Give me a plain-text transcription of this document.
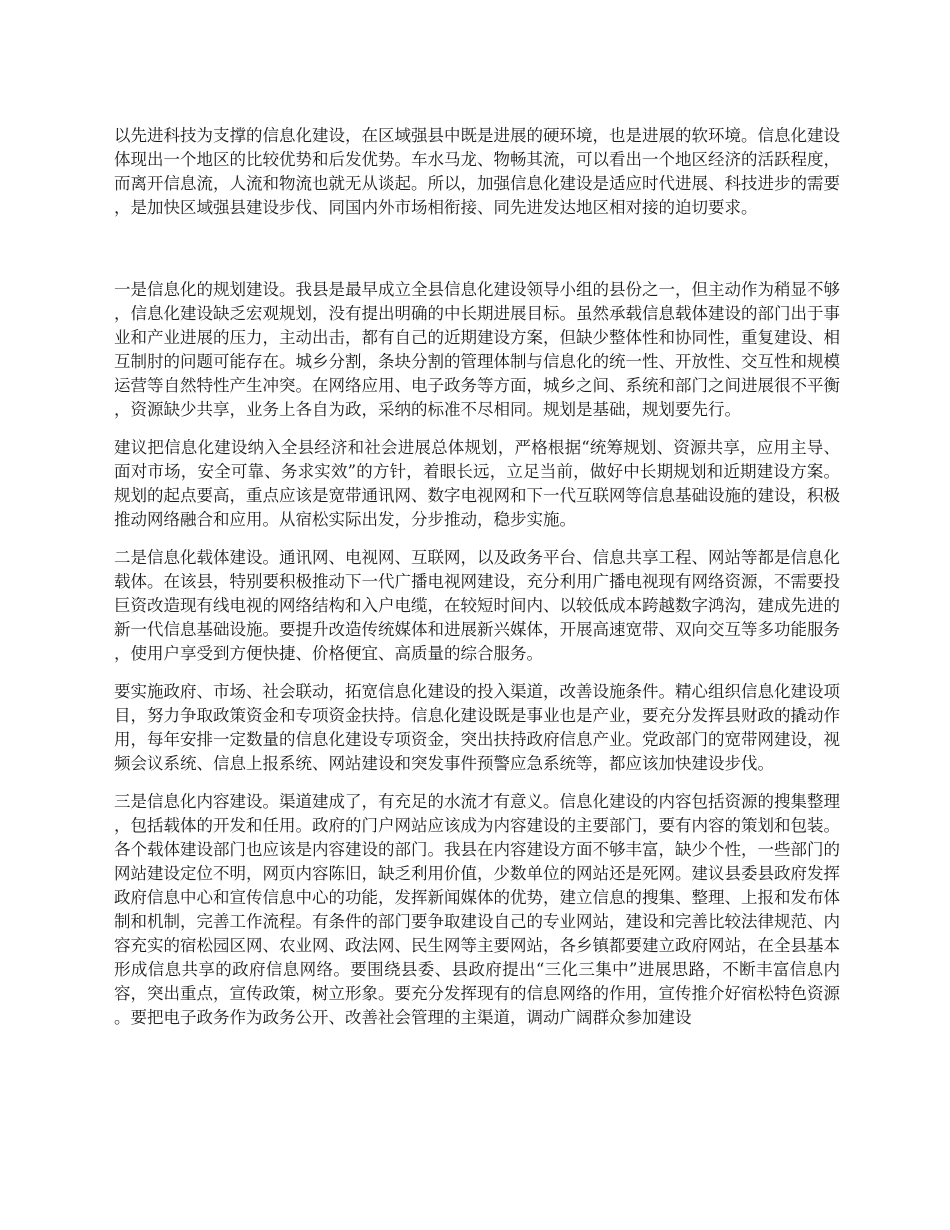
以先进科技为支撑的信息化建设，在区域强县中既是进展的硬环境，也是进展的软环境。信息化建设体现出一个地区的比较优势和后发优势。车水马龙、物畅其流，可以看出一个地区经济的活跃程度，而离开信息流，人流和物流也就无从谈起。所以，加强信息化建设是适应时代进展、科技进步的需要，是加快区域强县建设步伐、同国内外市场相衔接、同先进发达地区相对接的迫切要求。

一是信息化的规划建设。我县是最早成立全县信息化建设领导小组的县份之一，但主动作为稍显不够，信息化建设缺乏宏观规划，没有提出明确的中长期进展目标。虽然承载信息载体建设的部门出于事业和产业进展的压力，主动出击，都有自己的近期建设方案，但缺少整体性和协同性，重复建设、相互制肘的问题可能存在。城乡分割，条块分割的管理体制与信息化的统一性、开放性、交互性和规模运营等自然特性产生冲突。在网络应用、电子政务等方面，城乡之间、系统和部门之间进展很不平衡，资源缺少共享，业务上各自为政，采纳的标准不尽相同。规划是基础，规划要先行。

建议把信息化建设纳入全县经济和社会进展总体规划，严格根据“统筹规划、资源共享，应用主导、面对市场，安全可靠、务求实效”的方针，着眼长远，立足当前，做好中长期规划和近期建设方案。规划的起点要高，重点应该是宽带通讯网、数字电视网和下一代互联网等信息基础设施的建设，积极推动网络融合和应用。从宿松实际出发，分步推动，稳步实施。

二是信息化载体建设。通讯网、电视网、互联网，以及政务平台、信息共享工程、网站等都是信息化载体。在该县，特别要积极推动下一代广播电视网建设，充分利用广播电视现有网络资源，不需要投巨资改造现有线电视的网络结构和入户电缆，在较短时间内、以较低成本跨越数字鸿沟，建成先进的新一代信息基础设施。要提升改造传统媒体和进展新兴媒体，开展高速宽带、双向交互等多功能服务，使用户享受到方便快捷、价格便宜、高质量的综合服务。

要实施政府、市场、社会联动，拓宽信息化建设的投入渠道，改善设施条件。精心组织信息化建设项目，努力争取政策资金和专项资金扶持。信息化建设既是事业也是产业，要充分发挥县财政的撬动作用，每年安排一定数量的信息化建设专项资金，突出扶持政府信息产业。党政部门的宽带网建设，视频会议系统、信息上报系统、网站建设和突发事件预警应急系统等，都应该加快建设步伐。

三是信息化内容建设。渠道建成了，有充足的水流才有意义。信息化建设的内容包括资源的搜集整理，包括载体的开发和任用。政府的门户网站应该成为内容建设的主要部门，要有内容的策划和包装。各个载体建设部门也应该是内容建设的部门。我县在内容建设方面不够丰富，缺少个性，一些部门的网站建设定位不明，网页内容陈旧，缺乏利用价值，少数单位的网站还是死网。建议县委县政府发挥政府信息中心和宣传信息中心的功能，发挥新闻媒体的优势，建立信息的搜集、整理、上报和发布体制和机制，完善工作流程。有条件的部门要争取建设自己的专业网站，建设和完善比较法律规范、内容充实的宿松园区网、农业网、政法网、民生网等主要网站，各乡镇都要建立政府网站，在全县基本形成信息共享的政府信息网络。要围绕县委、县政府提出“三化三集中”进展思路，不断丰富信息内容，突出重点，宣传政策，树立形象。要充分发挥现有的信息网络的作用，宣传推介好宿松特色资源。要把电子政务作为政务公开、改善社会管理的主渠道，调动广阔群众参加建设
